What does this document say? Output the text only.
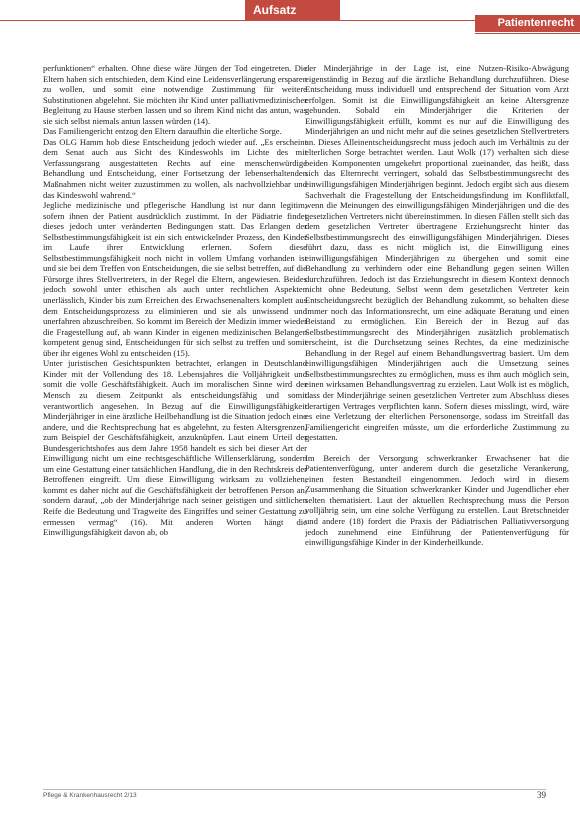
Aufsatz
Patientenrecht

perfunktionen“ erhalten. Ohne diese wäre Jürgen der Tod eingetreten. Die Eltern haben sich entschieden, dem Kind eine Leidensverlängerung ersparen zu wollen, und somit eine notwendige Zustimmung für weitere Substitutionen abgelehnt. Sie möchten ihr Kind unter palliativmedizinischer Begleitung zu Hause sterben lassen und so ihrem Kind nicht das antun, was sie sich selbst niemals antun lassen würden (14).

Das Familiengericht entzog den Eltern daraufhin die elterliche Sorge.

Das OLG Hamm hob diese Entscheidung jedoch wieder auf. „Es erscheint dem Senat auch aus Sicht des Kindeswohls im Lichte des mit Verfassungsrang ausgestatteten Rechts auf eine menschenwürdige Behandlung und Entscheidung, einer Fortsetzung der lebenserhaltenden Maßnahmen nicht weiter zuzustimmen zu wollen, als nachvollziehbar und das Kindeswohl wahrend.“

Jegliche medizinische und pflegerische Handlung ist nur dann legitim, sofern ihnen der Patient ausdrücklich zustimmt. In der Pädiatrie findet dieses jedoch unter veränderten Bedingungen statt. Das Erlangen der Selbstbestimmungsfähigkeit ist ein sich entwickelnder Prozess, den Kinder im Laufe ihrer Entwicklung erlernen. Sofern diese Selbstbestimmungsfähigkeit noch nicht in vollem Umfang vorhanden ist und sie bei dem Treffen von Entscheidungen, die sie selbst betreffen, auf die Fürsorge ihres Stellvertreters, in der Regel die Eltern, angewiesen. Beides jedoch sowohl unter ethischen als auch unter rechtlichen Aspekten unerlässlich, Kinder bis zum Erreichen des Erwachsenenalters komplett aus dem Entscheidungsprozess zu eliminieren und sie als unwissend und unerfahren abzuschreiben. So kommt im Bereich der Medizin immer wieder die Fragestellung auf, ab wann Kinder in eigenen medizinischen Belangen kompetent genug sind, Entscheidungen für sich selbst zu treffen und somit über ihr eigenes Wohl zu entscheiden (15).

Unter juristischen Gesichtspunkten betrachtet, erlangen in Deutschland Kinder mit der Vollendung des 18. Lebensjahres die Volljährigkeit und somit die volle Geschäftsfähigkeit. Auch im moralischen Sinne wird der Mensch zu diesem Zeitpunkt als entscheidungsfähig und somit verantwortlich angesehen. In Bezug auf die Einwilligungsfähigkeit Minderjähriger in eine ärztliche Heilbehandlung ist die Situation jedoch eine andere, und die Rechtsprechung hat es abgelehnt, zu festen Altersgrenzen, zum Beispiel der Geschäftsfähigkeit, anzuknüpfen. Laut einem Urteil der Bundesgerichtshofes aus dem Jahre 1958 handelt es sich bei dieser Art der Einwilligung nicht um eine rechtsgeschäftliche Willenserklärung, sondern um eine Gestattung einer tatsächlichen Handlung, die in den Rechtskreis der Betroffenen eingreift. Um diese Einwilligung wirksam zu vollziehen, kommt es daher nicht auf die Geschäftsfähigkeit der betroffenen Person an, sondern darauf, „ob der Minderjährige nach seiner geistigen und sittlichen Reife die Bedeutung und Tragweite des Eingriffes und seiner Gestattung zu ermessen vermag“ (16). Mit anderen Worten hängt die Einwilligungsfähigkeit davon ab, ob

der Minderjährige in der Lage ist, eine Nutzen-Risiko-Abwägung eigenständig in Bezug auf die ärztliche Behandlung durchzuführen. Diese Entscheidung muss individuell und entsprechend der Situation vom Arzt erfolgen. Somit ist die Einwilligungsfähigkeit an keine Altersgrenze gebunden. Sobald ein Minderjähriger die Kriterien der Einwilligungsfähigkeit erfüllt, kommt es nur auf die Einwilligung des Minderjährigen an und nicht mehr auf die seines gesetzlichen Stellvertreters an. Dieses Alleinentscheidungsrecht muss jedoch auch im Verhältnis zu der elterlichen Sorge betrachtet werden. Laut Wolk (17) verhalten sich diese beiden Komponenten umgekehrt proportional zueinander, das heißt, dass sich das Elternrecht verringert, sobald das Selbstbestimmungsrecht des einwilligungsfähigen Minderjährigen beginnt. Jedoch ergibt sich aus diesem Sachverhalt die Fragestellung der Entscheidungsfindung im Konfliktfall, wenn die Meinungen des einwilligungsfähigen Minderjährigen und die des gesetzlichen Vertreters nicht übereinstimmen. In diesen Fällen stellt sich das dem gesetzlichen Vertreter übertragene Erziehungsrecht hinter das Selbstbestimmungsrecht des einwilligungsfähigen Minderjährigen. Dieses führt dazu, dass es nicht möglich ist, die Einwilligung eines einwilligungsfähigen Minderjährigen zu übergehen und somit eine Behandlung zu verhindern oder eine Behandlung gegen seinen Willen durchzuführen. Jedoch ist das Erziehungsrecht in diesem Kontext dennoch nicht ohne Bedeutung. Selbst wenn dem gesetzlichen Vertreter kein Entscheidungsrecht bezüglich der Behandlung zukommt, so behalten diese immer noch das Informationsrecht, um eine adäquate Beratung und einen Beistand zu ermöglichen. Ein Bereich der in Bezug auf das Selbstbestimmungsrecht des Minderjährigen zusätzlich problematisch erscheint, ist die Durchsetzung seines Rechtes, da eine medizinische Behandlung in der Regel auf einem Behandlungsvertrag basiert. Um dem einwilligungsfähigen Minderjährigen auch die Umsetzung seines Selbstbestimmungsrechtes zu ermöglichen, muss es ihm auch möglich sein, einen wirksamen Behandlungsvertrag zu erzielen. Laut Wolk ist es möglich, dass der Minderjährige seinen gesetzlichen Vertreter zum Abschluss dieses derartigen Vertrages verpflichten kann. Sofern dieses misslingt, wird, wäre es eine Verletzung der elterlichen Personensorge, sodass im Streitfall das Familiengericht eingreifen müsste, um die erforderliche Zustimmung zu gestatten.

Im Bereich der Versorgung schwerkranker Erwachsener hat die Patientenverfügung, unter anderem durch die gesetzliche Verankerung, einen festen Bestandteil eingenommen. Jedoch wird in diesem Zusammenhang die Situation schwerkranker Kinder und Jugendlicher eher selten thematisiert. Laut der aktuellen Rechtsprechung muss die Person volljährig sein, um eine solche Verfügung zu erstellen. Laut Bretschneider und andere (18) fordert die Praxis der Pädiatrischen Palliativversorgung jedoch zunehmend eine Einführung der Patientenverfügung für einwilligungsfähige Kinder in der Kinderheilkunde.

Pflege & Krankenhausrecht 2/13	39
